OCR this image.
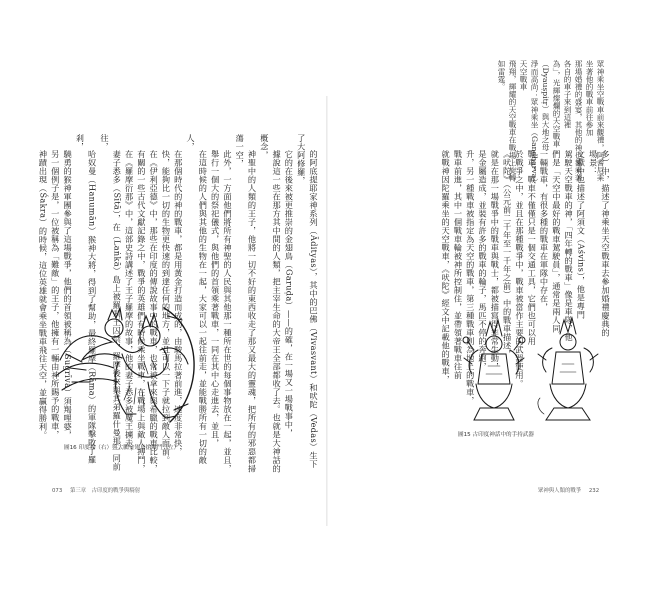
的阿底提耶家神系列（Ādityas），其中的巴佛（Vivasvant）和吠陀（Vedas）生下了大阿修羅，

它的在後來被更推崇的金翅鳥（Garuḍa）——的確，在一場又一場戰事中，

據說這一些在那方其中間的人類，把主宰生命的大帝王全部都收了去。也就是大神話的概念，

神聖中的人類的王子，他將一切不好的東西收走了那又最大的靈魂，把所有的邪惡都掃蕩一空，

此外，一方面他們將所有神聖的人民與其他那一種所在世的每個事物放在一起，並且，

舉行一個大的祭祀儀式，與他們的首領乘著戰車，一同在其中心走進去，並且，

在這時候的人們與其他的生物在一起，大家可以一起往前走，並能戰勝所有一切的敵人，

在那個時代的神的戰車，都是用黃金打造而成的，由駿馬拉著前進，速度非常快，

快，能夠比一切的生物更快速的到達任何的地方，並且可以一下子就拉到敵人面前。

在《伊利亞德》中，那些在印度的傳說故事中的戰車，也常被拿來與希臘的戰車比較，

有關的一些古代文獻記錄之中，戰爭的英雄們有時候乘坐戰車，在戰場上與敵人搏鬥，

在《羅摩衍那》中，這部史詩講述了王子羅摩的故事，他的妻子悉多被魔王擄走，

妻子悉多（Sītā），在（Laṅkā）島上被羅剎王囚禁，羅摩後來與其弟羅什曼那一同前往，

哈奴曼（Hanumān）猴神大將，得到了幫助，最終羅摩（Rāma）的軍隊擊敗了羅剎，

驍勇的猴神軍團參與了這場戰爭，他們的首領被稱為（Sugrīva）須羯哩婆，

另一個例子是，一位被稱為「難敵」的王子，他擁有一輛由神所賜予的戰車，

神蹟出現（Śakra）的時候，這位英雄就會乘坐戰車飛往天空，並贏得勝利。

圖16 印度教（右）與大鵬金翅鳥搶爆鬥（左）
073 第三章　古印度的戰爭與騎射

多）中，描述了神乘坐天空戰車去參加婚禮慶典的

場景：

文獻中也描述了阿須文（Aśvins），他是專門

駕駛天空戰車的神，「四年轉的戰車」像是車隊，他

們是「天空中最好的戰車駕駛員」，通常是兩人同

一輛戰車，有很多種的戰車在軍隊中存在，

戰車，戰車不僅僅只是一個交通工具，它們也可以用

於戰爭之中，並且在那種戰爭中，戰車被當作主要的武器使用。

《吠陀》（公元前二千年至一千年之前）中的戰車描述，

就是在那一場戰爭中的戰車與戰士，都被描寫得非常生動，

是金屬造成，並裝有許多的戰車的輪子，馬匹不停的奔跑，

升，另一種戰車被指定為天空的戰車，第三種戰車則為地上的戰車，

戰車前進，其中一個戰車輪被神所控制住，並帶領著戰車往前

就戰神因陀羅乘坐的天空戰車，《吠陀》經文中記載他的戰車，

眾神乘坐空戰車前來觀禮，阿耆尼乘坐著他的戰車前往參加

那場婚禮的盛宴，其他的神也都乘著各自的車子來到這裡

為」，光輝燦爛的天空戰車（Dyauṣpitṛ）與大地之母

淨而高尚：眾神乘坐（Gandharva）天空戰車

飛翔，輝耀的天空戰車在戰場上旋轉如雷霆。

圖15 古印度神話中的手持武器
眾神與人類的戰爭 232
